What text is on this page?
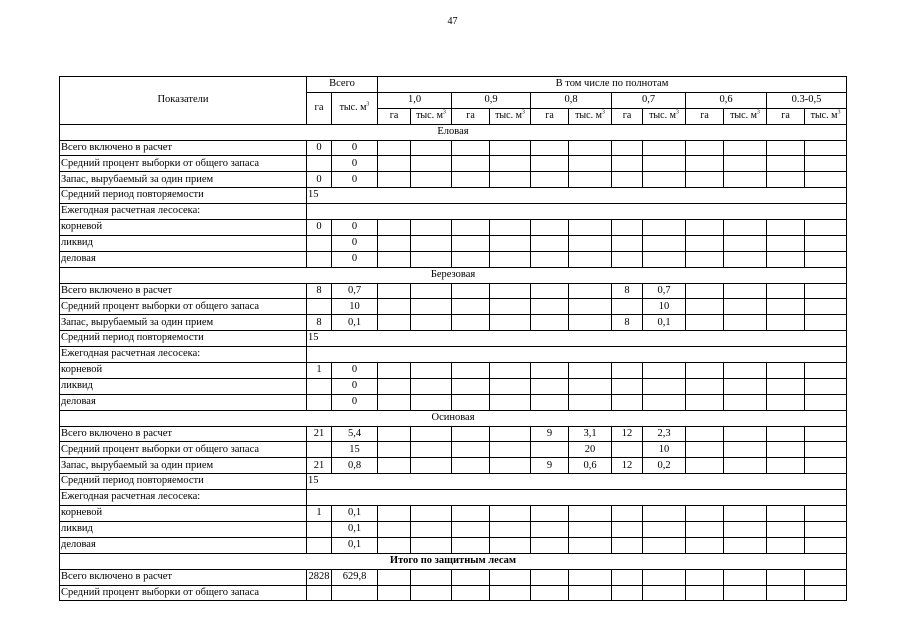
47
Показатели	Всего		В том числе по полнотам											
	га	тыс. $м^3$	1,0		0,9		0,8		0,7		0,6		0.3-0,5	
			га	тыс. $м^3$	га	тыс. $м^3$	га	тыс. $м^3$	га	тыс. $м^3$	га	тыс. $м^3$	га	тыс. $м^3$
Еловая														
Всего включено в расчет	0	0												
Средний процент выборки от общего запаса		0												
Запас, вырубаемый за один прием	0	0												
Средний период повторяемости	15													
Ежегодная расчетная лесосека:														
корневой	0	0												
ликвид		0												
деловая		0												
Березовая														
Всего включено в расчет	8	0,7							8	0,7				
Средний процент выборки от общего запаса		10								10				
Запас, вырубаемый за один прием	8	0,1							8	0,1				
Средний период повторяемости	15													
Ежегодная расчетная лесосека:														
корневой	1	0												
ликвид		0												
деловая		0												
Осиновая														
Всего включено в расчет	21	5,4					9	3,1	12	2,3				
Средний процент выборки от общего запаса		15						20		10				
Запас, вырубаемый за один прием	21	0,8					9	0,6	12	0,2				
Средний период повторяемости	15													
Ежегодная расчетная лесосека:														
корневой	1	0,1												
ликвид		0,1												
деловая		0,1												
Итого по защитным лесам														
Всего включено в расчет	2828	629,8												
Средний процент выборки от общего запаса														
